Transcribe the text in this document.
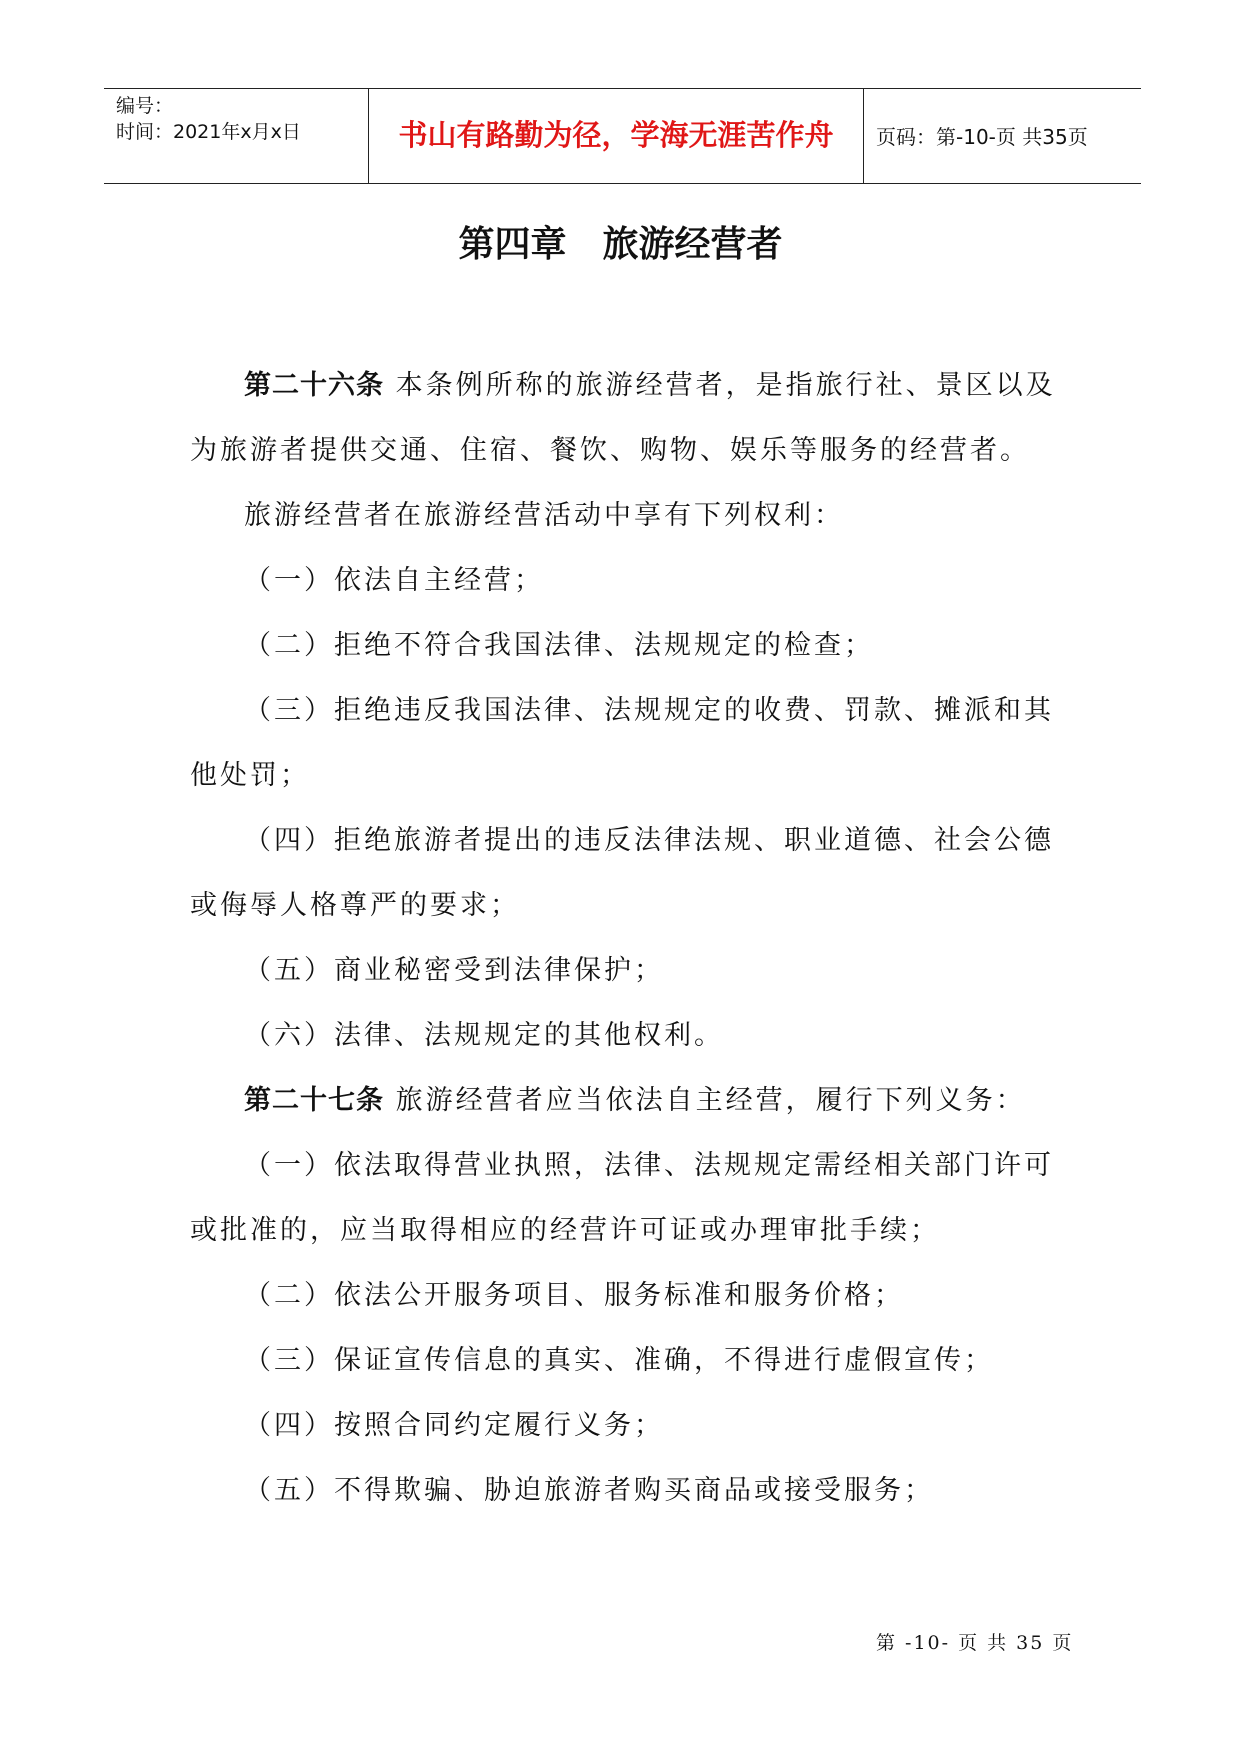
编号：
时间：2021年x月x日	书山有路勤为径，学海无涯苦作舟	页码：第-10-页 共35页
第四章　旅游经营者

第二十六条 本条例所称的旅游经营者，是指旅行社、景区以及为旅游者提供交通、住宿、餐饮、购物、娱乐等服务的经营者。

旅游经营者在旅游经营活动中享有下列权利：

（一）依法自主经营；

（二）拒绝不符合我国法律、法规规定的检查；

（三）拒绝违反我国法律、法规规定的收费、罚款、摊派和其他处罚；

（四）拒绝旅游者提出的违反法律法规、职业道德、社会公德或侮辱人格尊严的要求；

（五）商业秘密受到法律保护；

（六）法律、法规规定的其他权利。

第二十七条 旅游经营者应当依法自主经营，履行下列义务：

（一）依法取得营业执照，法律、法规规定需经相关部门许可或批准的，应当取得相应的经营许可证或办理审批手续；

（二）依法公开服务项目、服务标准和服务价格；

（三）保证宣传信息的真实、准确，不得进行虚假宣传；

（四）按照合同约定履行义务；

（五）不得欺骗、胁迫旅游者购买商品或接受服务；

第 -10- 页 共 35 页
